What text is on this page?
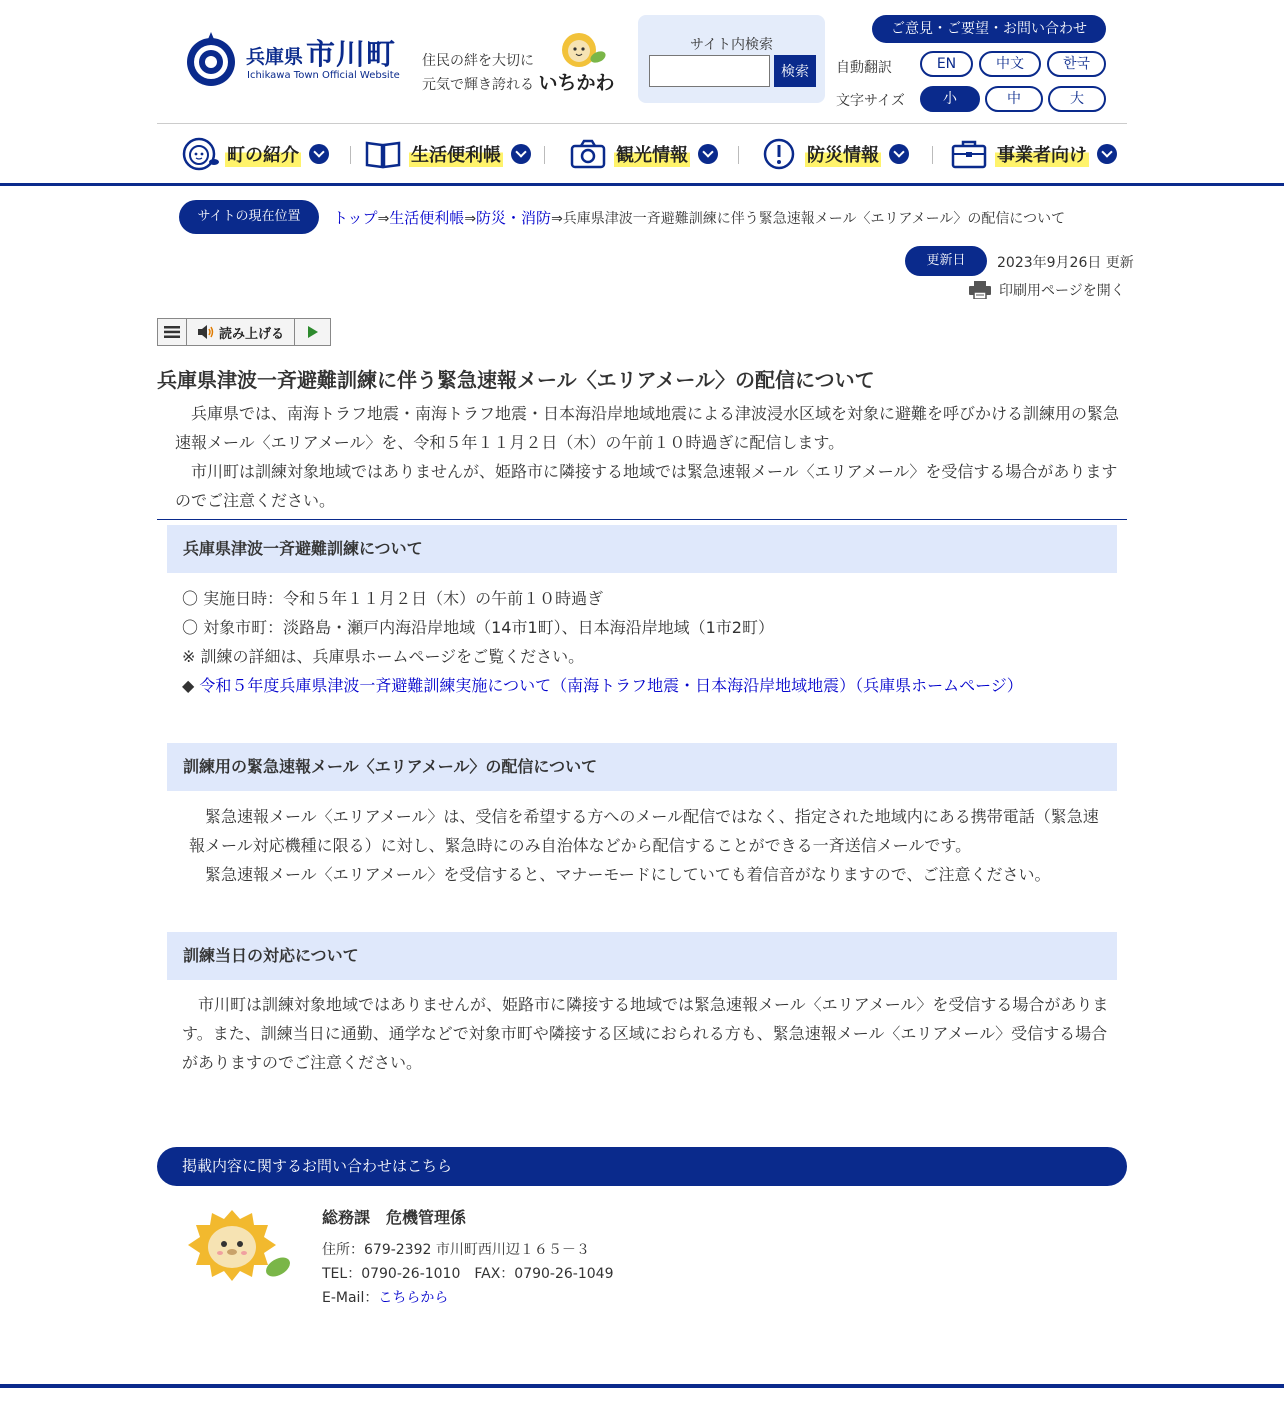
兵庫県 市川町
Ichikawa Town Official Website
住民の絆を大切に
元気で輝き誇れる いちかわ
サイト内検索
検索
ご意見・ご要望・お問い合わせ
自動翻訳	EN	中文	한국
文字サイズ	小	中	大
町の紹介	生活便利帳	観光情報	防災情報	事業者向け
サイトの現在位置	トップ⇒生活便利帳⇒防災・消防⇒兵庫県津波一斉避難訓練に伴う緊急速報メール〈エリアメール〉の配信について
更新日	2023年9月26日 更新
印刷用ページを開く
読み上げる
兵庫県津波一斉避難訓練に伴う緊急速報メール〈エリアメール〉の配信について

　兵庫県では、南海トラフ地震・南海トラフ地震・日本海沿岸地域地震による津波浸水区域を対象に避難を呼びかける訓練用の緊急速報メール〈エリアメール〉を、令和５年１１月２日（木）の午前１０時過ぎに配信します。

　市川町は訓練対象地域ではありませんが、姫路市に隣接する地域では緊急速報メール〈エリアメール〉を受信する場合がありますのでご注意ください。

兵庫県津波一斉避難訓練について

〇 実施日時：令和５年１１月２日（木）の午前１０時過ぎ

〇 対象市町：淡路島・瀬戸内海沿岸地域（14市1町）、日本海沿岸地域（1市2町）

※ 訓練の詳細は、兵庫県ホームページをご覧ください。

◆ 令和５年度兵庫県津波一斉避難訓練実施について（南海トラフ地震・日本海沿岸地域地震）（兵庫県ホームページ）

訓練用の緊急速報メール〈エリアメール〉の配信について

　緊急速報メール〈エリアメール〉は、受信を希望する方へのメール配信ではなく、指定された地域内にある携帯電話（緊急速報メール対応機種に限る）に対し、緊急時にのみ自治体などから配信することができる一斉送信メールです。

　緊急速報メール〈エリアメール〉を受信すると、マナーモードにしていても着信音がなりますので、ご注意ください。

訓練当日の対応について

　市川町は訓練対象地域ではありませんが、姫路市に隣接する地域では緊急速報メール〈エリアメール〉を受信する場合があります。また、訓練当日に通勤、通学などで対象市町や隣接する区域におられる方も、緊急速報メール〈エリアメール〉受信する場合がありますのでご注意ください。

掲載内容に関するお問い合わせはこちら
総務課　危機管理係
住所：679-2392 市川町西川辺１６５－３
TEL：0790-26-1010　FAX：0790-26-1049
E-Mail：こちらから
